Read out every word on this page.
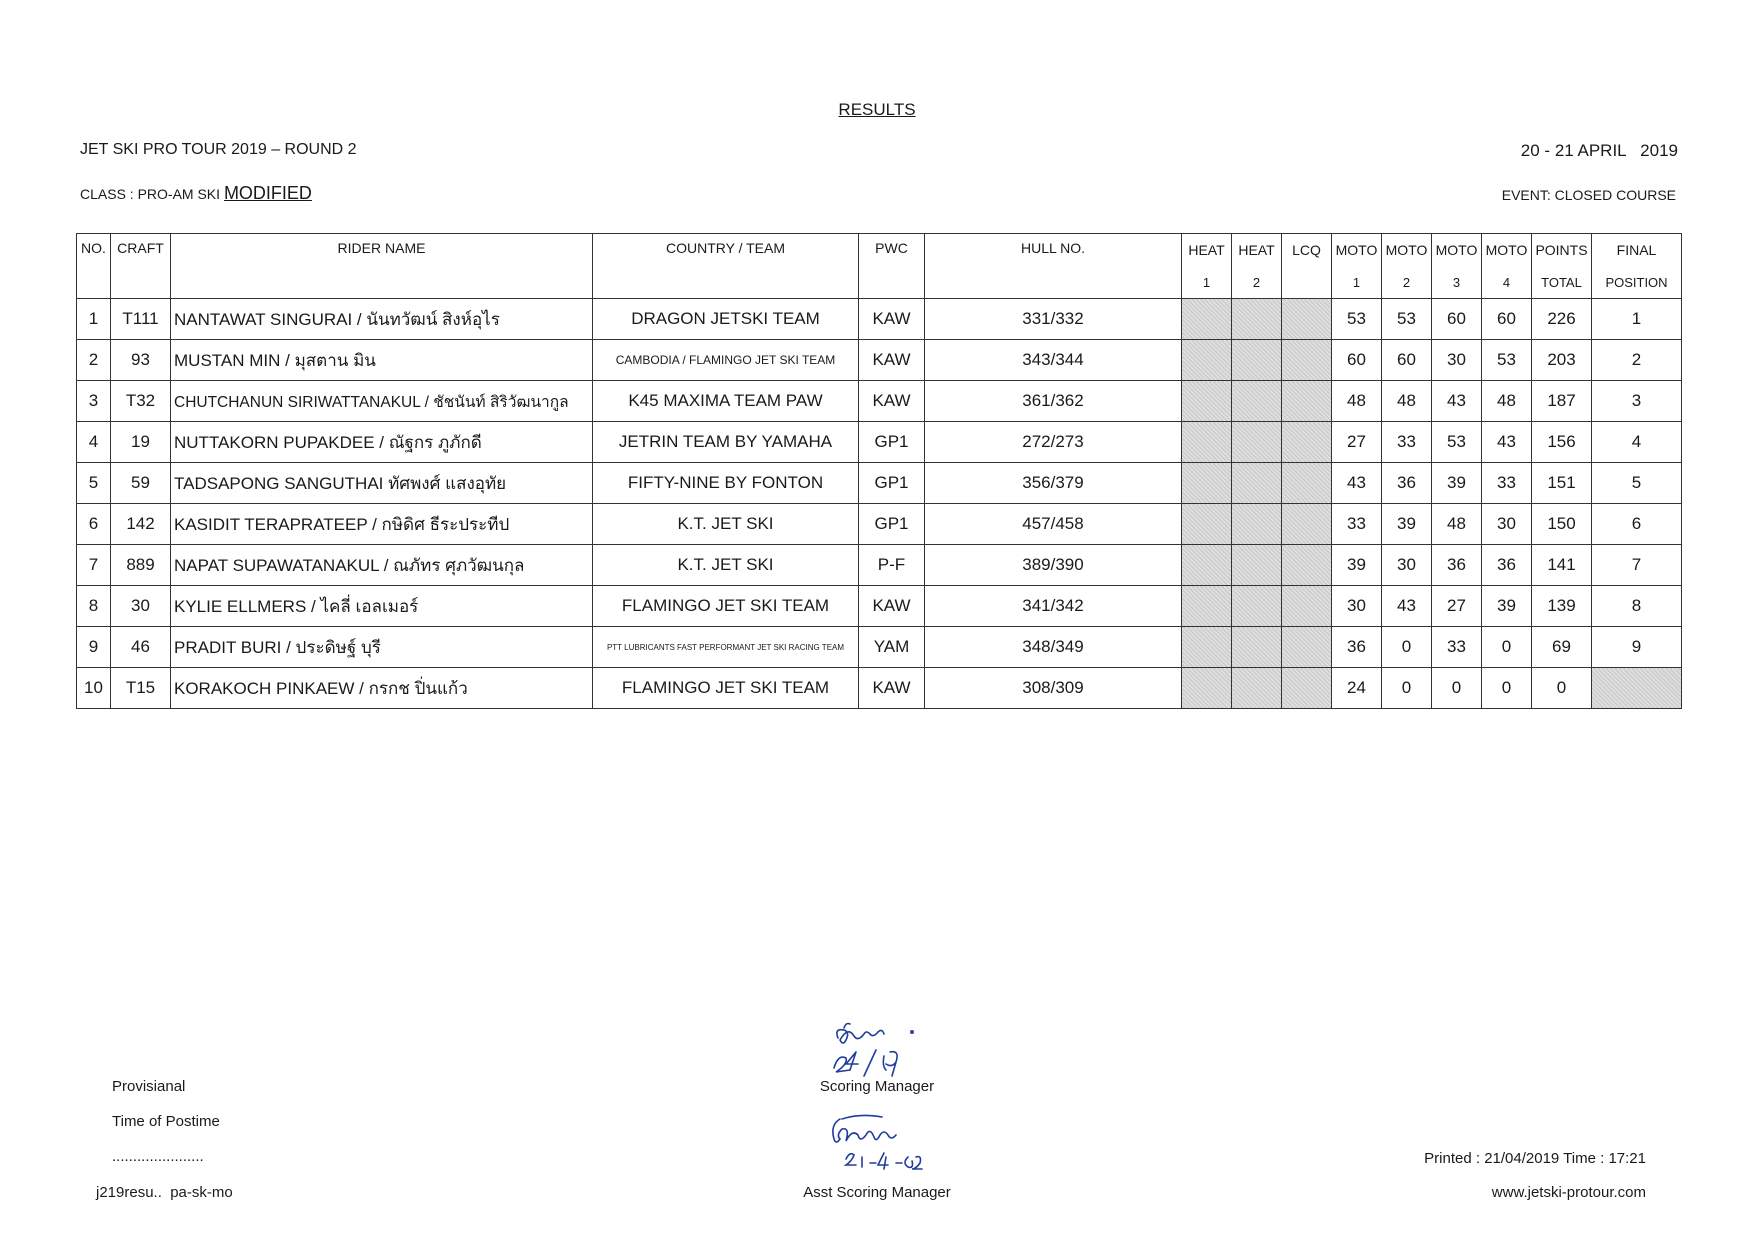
RESULTS
JET SKI PRO TOUR 2019 – ROUND 2	20 - 21 APRIL   2019
CLASS : PRO-AM SKI MODIFIED	EVENT: CLOSED COURSE
NO.	CRAFT	RIDER NAME	COUNTRY / TEAM	PWC	HULL NO.	HEAT	HEAT	LCQ	MOTO	MOTO	MOTO	MOTO	POINTS	FINAL
						1	2		1	2	3	4	TOTAL	POSITION
1	T111	NANTAWAT SINGURAI / นันทวัฒน์ สิงห์อุไร	DRAGON JETSKI TEAM	KAW	331/332				53	53	60	60	226	1
2	93	MUSTAN MIN / มุสตาน มิน	CAMBODIA / FLAMINGO JET SKI TEAM	KAW	343/344				60	60	30	53	203	2
3	T32	CHUTCHANUN SIRIWATTANAKUL / ชัชนันท์ สิริวัฒนากูล	K45 MAXIMA TEAM PAW	KAW	361/362				48	48	43	48	187	3
4	19	NUTTAKORN PUPAKDEE / ณัฐกร ภูภักดี	JETRIN TEAM BY YAMAHA	GP1	272/273				27	33	53	43	156	4
5	59	TADSAPONG SANGUTHAI ทัศพงศ์ แสงอุทัย	FIFTY-NINE BY FONTON	GP1	356/379				43	36	39	33	151	5
6	142	KASIDIT TERAPRATEEP / กษิดิศ ธีระประทีป	K.T. JET SKI	GP1	457/458				33	39	48	30	150	6
7	889	NAPAT SUPAWATANAKUL / ณภัทร ศุภวัฒนกุล	K.T. JET SKI	P-F	389/390				39	30	36	36	141	7
8	30	KYLIE ELLMERS / ไคลี่ เอลเมอร์	FLAMINGO JET SKI TEAM	KAW	341/342				30	43	27	39	139	8
9	46	PRADIT BURI / ประดิษฐ์ บุรี	PTT LUBRICANTS FAST PERFORMANT JET SKI RACING TEAM	YAM	348/349				36	0	33	0	69	9
10	T15	KORAKOCH PINKAEW / กรกช ปิ่นแก้ว	FLAMINGO JET SKI TEAM	KAW	308/309				24	0	0	0	0	
Provisianal
Time of Postime
......................
j219resu..  pa-sk-mo
Scoring Manager
Asst Scoring Manager
Printed : 21/04/2019 Time : 17:21
www.jetski-protour.com
